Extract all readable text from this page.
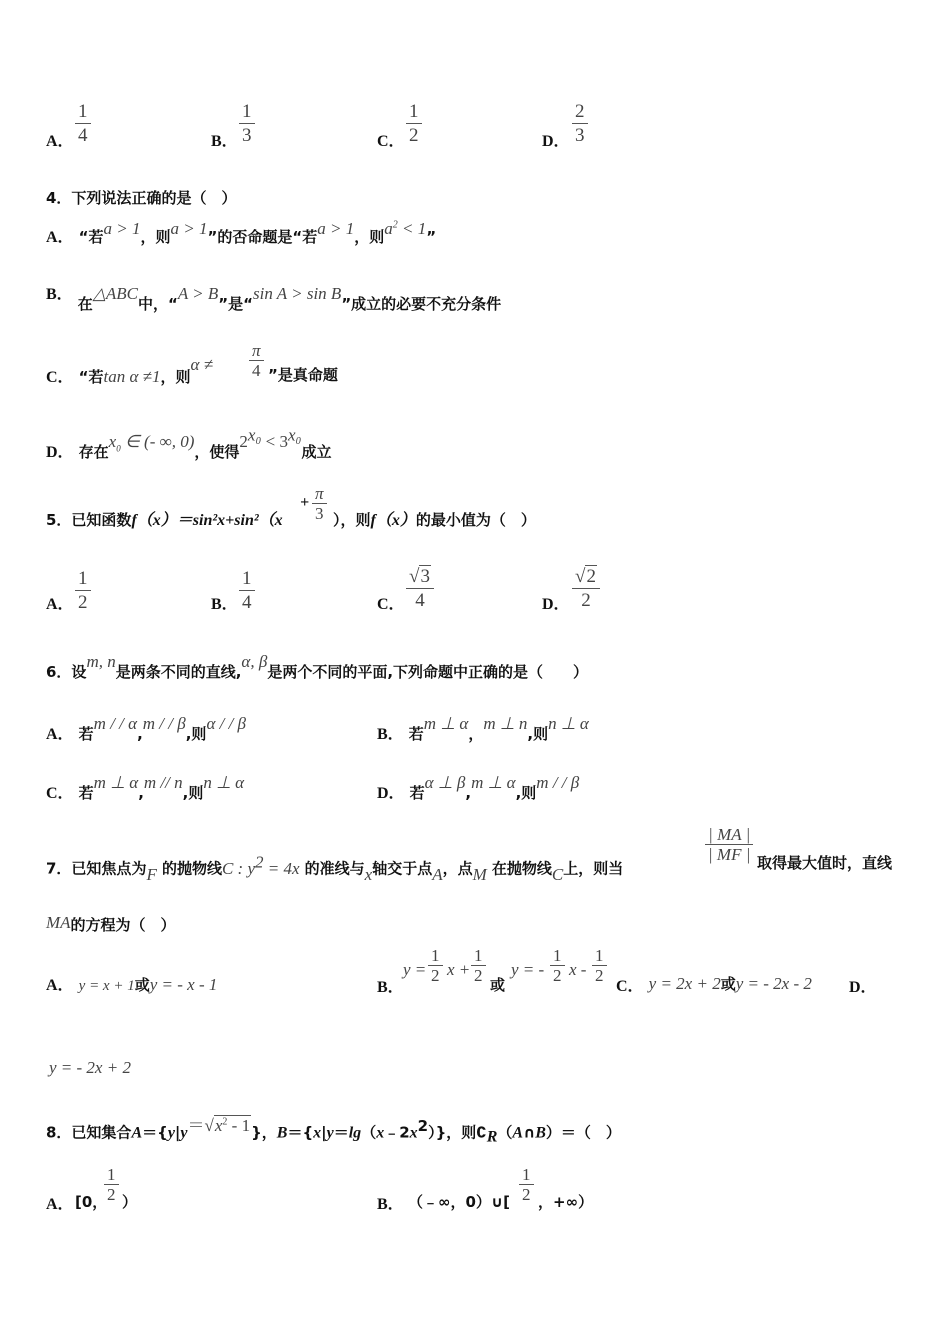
A． $\frac{1}{4}$	B． $\frac{1}{3}$	C． $\frac{1}{2}$	D． $\frac{2}{3}$
4．下列说法正确的是（　）
A． “若a > 1，则a > 1”的否命题是“若a > 1，则$a^2 < 1$”
B． 在△ABC中，“A > B”是“sin A > sin B”成立的必要不充分条件
C． “若tan α ≠1，则$\alpha \ne \frac{\pi}{4}$ ”是真命题
D． 存在$x_0$ ∈ (- ∞, 0)，使得$2^{x_0} < 3^{x_0}$成立
5．已知函数f（x）＝sin²x+sin²（x
+ $\frac{\pi}{3}$ ），则f（x）的最小值为（　）
A． $\frac{1}{2}$	B． $\frac{1}{4}$	C． $\frac{√3}{4}$	D． $\frac{√2}{2}$
6．设m, n是两条不同的直线,α, β是两个不同的平面,下列命题中正确的是（　　）
A． 若m / / α,m / / β,则α / / β
B． 若m ⊥ α，m ⊥ n,则n ⊥ α
C． 若m ⊥ α,m // n,则n ⊥ α
D． 若α ⊥ β,m ⊥ α,则m / / β
7．已知焦点为F 的抛物线C : $y^2 = 4x$ 的准线与x轴交于点A，点M 在抛物线C上，则当
$\frac{| MA |}{| MF |}$ 取得最大值时，直线
MA的方程为（　）
A． y = x + 1或y = - x - 1	B．
$y = \frac{1}{2}$ $x + \frac{1}{2}$ 或
y = - $\frac{1}{2}$ x - $\frac{1}{2}$
C． y = 2x + 2或y = - 2x - 2 D．
y = - 2x + 2
8．已知集合$A=\{y|y=√x^2 - 1\}$，$B=\{x|y=\lg(x﹣2x^2)\}$，则$∁_R(A\cap B)=$（　）
A． [0，
$\frac{1}{2}$ ）	B． （﹣∞，0）∪[ $\frac{1}{2}$ ，+∞）
